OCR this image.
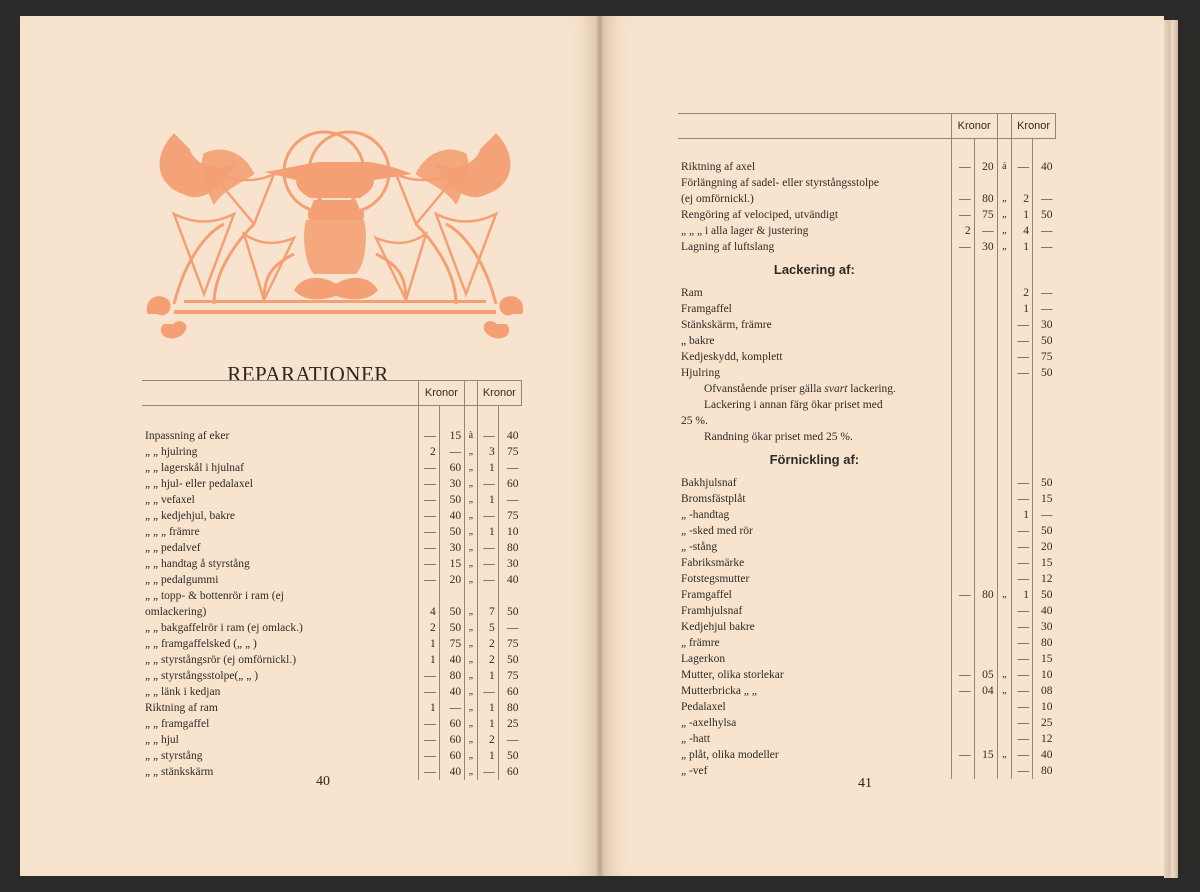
REPARATIONER
	Kronor			Kronor	

Inpassning af eker	—	15	à	—	40
„ „ hjulring	2	—	„	3	75
„ „ lagerskål i hjulnaf	—	60	„	1	—
„ „ hjul- eller pedalaxel	—	30	„	—	60
„ „ vefaxel	—	50	„	1	—
„ „ kedjehjul, bakre	—	40	„	—	75
„ „ „ främre	—	50	„	1	10
„ „ pedalvef	—	30	„	—	80
„ „ handtag å styrstång	—	15	„	—	30
„ „ pedalgummi	—	20	„	—	40
„ „ topp- & bottenrör i ram (ej					
omlackering)	4	50	„	7	50
„ „ bakgaffelrör i ram (ej omlack.)	2	50	„	5	—
„ „ framgaffelsked („ „ )	1	75	„	2	75
„ „ styrstångsrör (ej omförnickl.)	1	40	„	2	50
„ „ styrstångsstolpe(„ „ )	—	80	„	1	75
„ „ länk i kedjan	—	40	„	—	60
Riktning af ram	1	—	„	1	80
„ „ framgaffel	—	60	„	1	25
„ „ hjul	—	60	„	2	—
„ „ styrstång	—	60	„	1	50
„ „ stänkskärm	—	40	„	—	60
40
	Kronor			Kronor	

Riktning af axel	—	20	á	—	40
Förlängning af sadel- eller styrstångsstolpe					
(ej omförnickl.)	—	80	„	2	—
Rengöring af velociped, utvändigt	—	75	„	1	50
„ „ „ i alla lager & justering	2	—	„	4	—
Lagning af luftslang	—	30	„	1	—
Lackering af:					
Ram				2	—
Framgaffel				1	—
Stänkskärm, främre				—	30
„ bakre				—	50
Kedjeskydd, komplett				—	75
Hjulring				—	50
Ofvanstående priser gälla svart lackering.					
Lackering i annan färg ökar priset med					
25 %.					
Randning ökar priset med 25 %.					
Förnickling af:					
Bakhjulsnaf				—	50
Bromsfästplåt				—	15
„ -handtag				1	—
„ -sked med rör				—	50
„ -stång				—	20
Fabriksmärke				—	15
Fotstegsmutter				—	12
Framgaffel	—	80	„	1	50
Framhjulsnaf				—	40
Kedjehjul bakre				—	30
„ främre				—	80
Lagerkon				—	15
Mutter, olika storlekar	—	05	„	—	10
Mutterbricka „ „	—	04	„	—	08
Pedalaxel				—	10
„ -axelhylsa				—	25
„ -hatt				—	12
„ plåt, olika modeller	—	15	„	—	40
„ -vef				—	80
41
